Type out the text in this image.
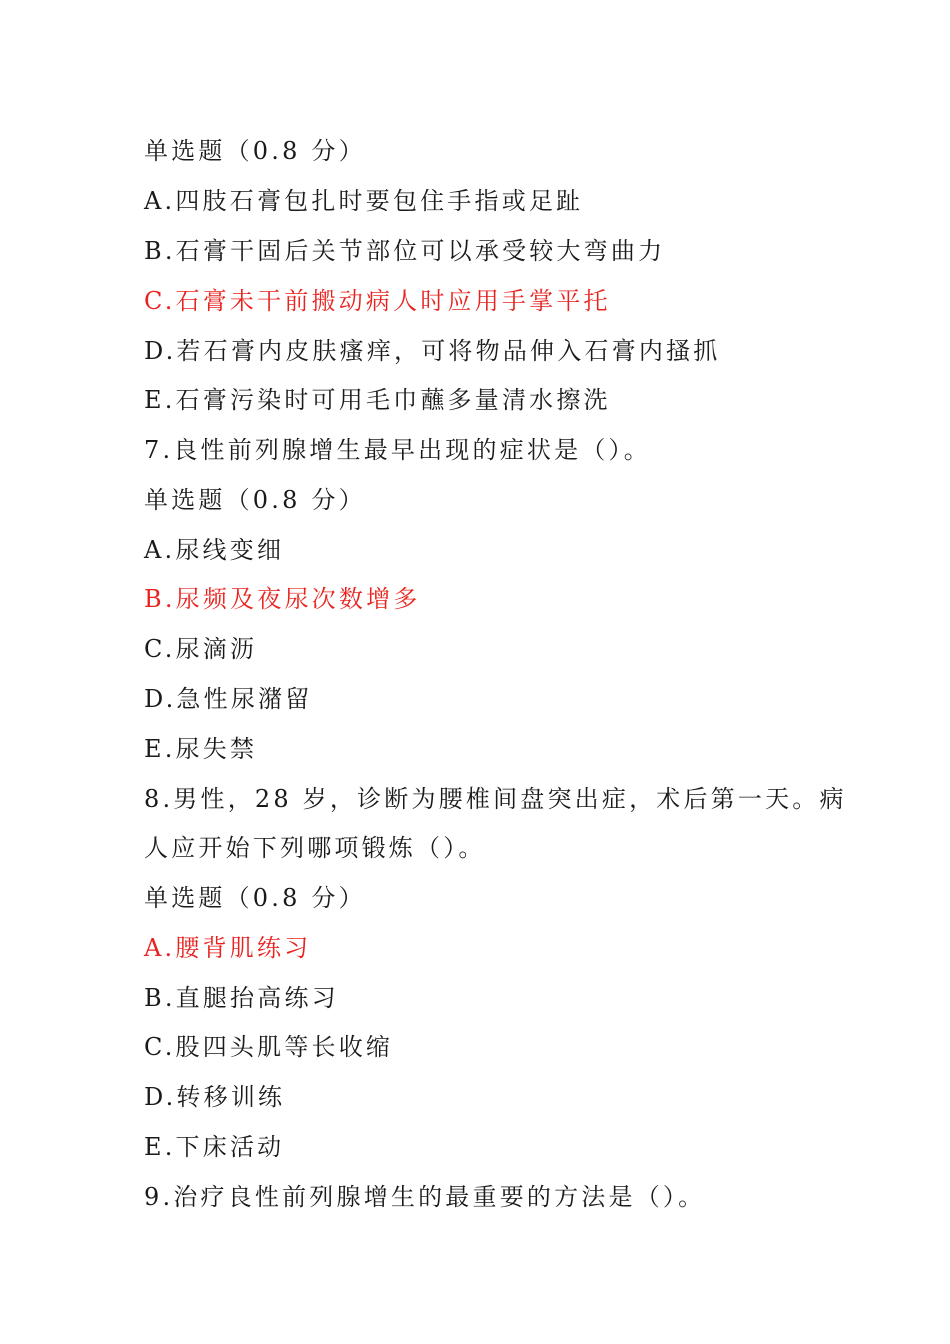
单选题（0.8 分）
A.四肢石膏包扎时要包住手指或足趾
B.石膏干固后关节部位可以承受较大弯曲力
C.石膏未干前搬动病人时应用手掌平托
D.若石膏内皮肤瘙痒，可将物品伸入石膏内搔抓
E.石膏污染时可用毛巾蘸多量清水擦洗
7.良性前列腺增生最早出现的症状是（）。
单选题（0.8 分）
A.尿线变细
B.尿频及夜尿次数增多
C.尿滴沥
D.急性尿潴留
E.尿失禁
8.男性，28 岁，诊断为腰椎间盘突出症，术后第一天。病
人应开始下列哪项锻炼（）。
单选题（0.8 分）
A.腰背肌练习
B.直腿抬高练习
C.股四头肌等长收缩
D.转移训练
E.下床活动
9.治疗良性前列腺增生的最重要的方法是（）。
